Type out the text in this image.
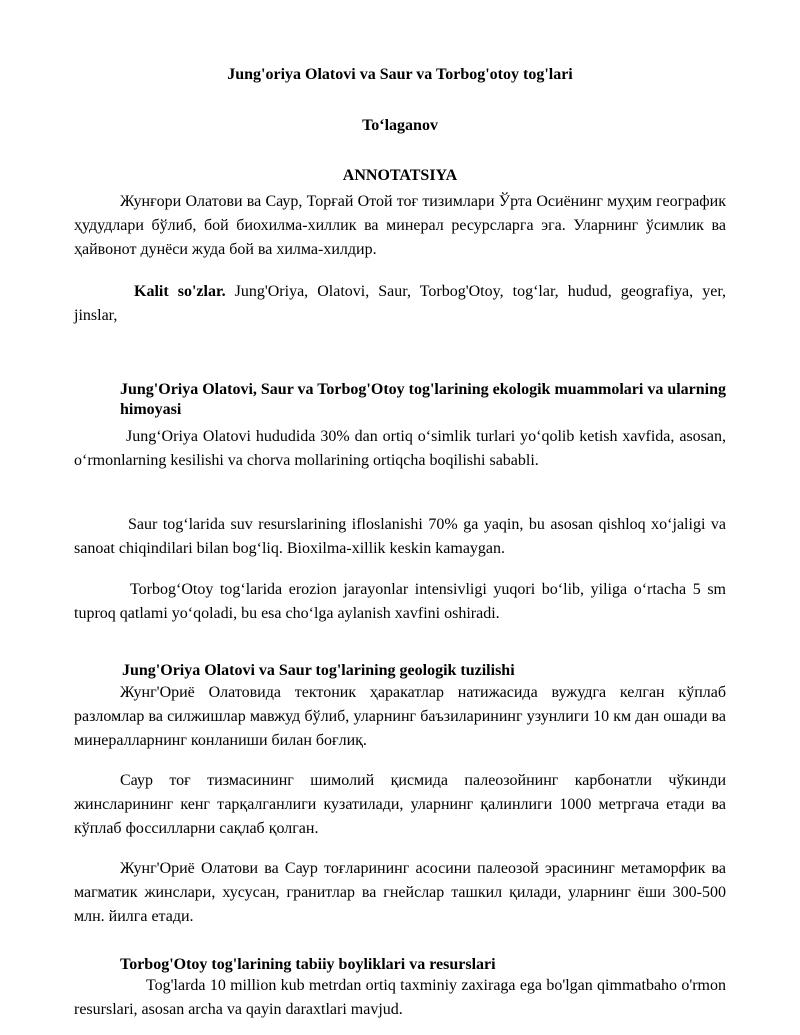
Jung'oriya Olatovi va Saur va Torbog'otoy tog'lari
To‘laganov
ANNOTATSIYA

Жунғори Олатови ва Саур, Торғай Отой тоғ тизимлари Ўрта Осиёнинг муҳим географик ҳудудлари бўлиб, бой биохилма-хиллик ва минерал ресурсларга эга. Уларнинг ўсимлик ва ҳайвонот дунёси жуда бой ва хилма-хилдир.

Kalit so'zlar. Jung'Oriya, Olatovi, Saur, Torbog'Otoy, tog‘lar, hudud, geografiya, yer, jinslar,

Jung'Oriya Olatovi, Saur va Torbog'Otoy tog'larining ekologik muammolari va ularning himoyasi

Jung‘Oriya Olatovi hududida 30% dan ortiq o‘simlik turlari yo‘qolib ketish xavfida, asosan, o‘rmonlarning kesilishi va chorva mollarining ortiqcha boqilishi sababli.

Saur tog‘larida suv resurslarining ifloslanishi 70% ga yaqin, bu asosan qishloq xo‘jaligi va sanoat chiqindilari bilan bog‘liq. Bioxilma-xillik keskin kamaygan.

Torbog‘Otoy tog‘larida erozion jarayonlar intensivligi yuqori bo‘lib, yiliga o‘rtacha 5 sm tuproq qatlami yo‘qoladi, bu esa cho‘lga aylanish xavfini oshiradi.

Jung'Oriya Olatovi va Saur tog'larining geologik tuzilishi

Жунг'Ориё Олатовида тектоник ҳаракатлар натижасида вужудга келган кўплаб разломлар ва силжишлар мавжуд бўлиб, уларнинг баъзиларининг узунлиги 10 км дан ошади ва минералларнинг конланиши билан боғлиқ.

Саур тоғ тизмасининг шимолий қисмида палеозойнинг карбонатли чўкинди жинсларининг кенг тарқалганлиги кузатилади, уларнинг қалинлиги 1000 метргача етади ва кўплаб фоссилларни сақлаб қолган.

Жунг'Ориё Олатови ва Саур тоғларининг асосини палеозой эрасининг метаморфик ва магматик жинслари, хусусан, гранитлар ва гнейслар ташкил қилади, уларнинг ёши 300-500 млн. йилга етади.

Torbog'Otoy tog'larining tabiiy boyliklari va resurslari

Tog'larda 10 million kub metrdan ortiq taxminiy zaxiraga ega bo'lgan qimmatbaho o'rmon resurslari, asosan archa va qayin daraxtlari mavjud.
